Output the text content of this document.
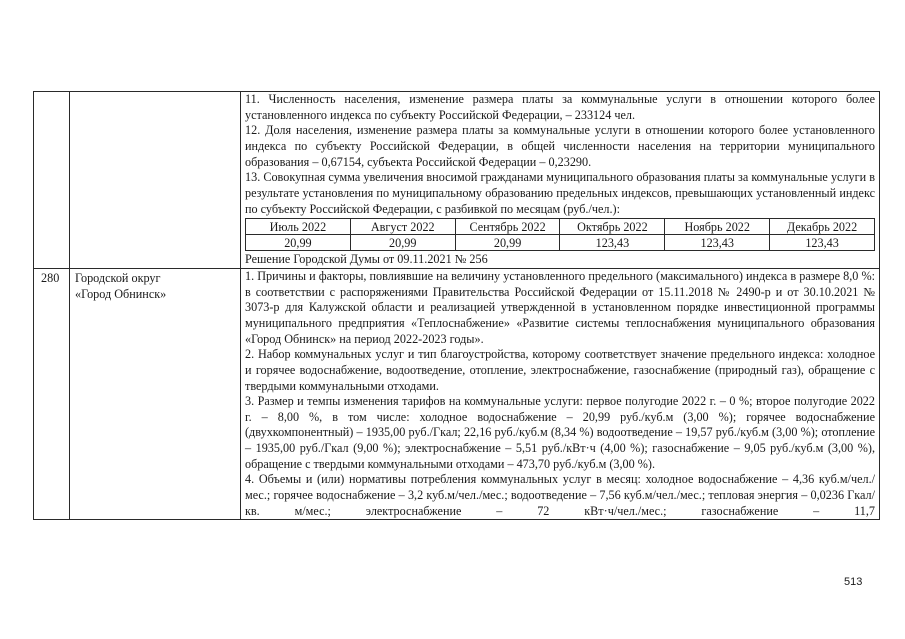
11. Численность населения, изменение размера платы за коммунальные услуги в отношении которого более установленного индекса по субъекту Российской Федерации, – 233124 чел.

12. Доля населения, изменение размера платы за коммунальные услуги в отношении которого более установленного индекса по субъекту Российской Федерации, в общей численности населения на территории муниципального образования – 0,67154, субъекта Российской Федерации – 0,23290.

13. Совокупная сумма увеличения вносимой гражданами муниципального образования платы за коммунальные услуги в результате установления по муниципальному образованию предельных индексов, превышающих установленный индекс по субъекту Российской Федерации, с разбивкой по месяцам (руб./чел.):

Июль 2022	Август 2022	Сентябрь 2022	Октябрь 2022	Ноябрь 2022	Декабрь 2022
20,99	20,99	20,99	123,43	123,43	123,43

Решение Городской Думы от 09.11.2021 № 256

280	Городской округ
«Город Обнинск»

1. Причины и факторы, повлиявшие на величину установленного предельного (максимального) индекса в размере 8,0 %: в соответствии с распоряжениями Правительства Российской Федерации от 15.11.2018 № 2490-р и от 30.10.2021 № 3073-р для Калужской области и реализацией утвержденной в установленном порядке инвестиционной программы муниципального предприятия «Теплоснабжение» «Развитие системы теплоснабжения муниципального образования «Город Обнинск» на период 2022-2023 годы».

2. Набор коммунальных услуг и тип благоустройства, которому соответствует значение предельного индекса: холодное и горячее водоснабжение, водоотведение, отопление, электроснабжение, газоснабжение (природный газ), обращение с твердыми коммунальными отходами.

3. Размер и темпы изменения тарифов на коммунальные услуги: первое полугодие 2022 г. – 0 %; второе полугодие 2022 г. – 8,00 %, в том числе: холодное водоснабжение – 20,99 руб./куб.м (3,00 %); горячее водоснабжение (двухкомпонентный) – 1935,00 руб./Гкал; 22,16 руб./куб.м (8,34 %) водоотведение – 19,57 руб./куб.м (3,00 %); отопление – 1935,00 руб./Гкал (9,00 %); электроснабжение – 5,51 руб./кВт·ч (4,00 %); газоснабжение – 9,05 руб./куб.м (3,00 %), обращение с твердыми коммунальными отходами – 473,70 руб./куб.м (3,00 %).

4. Объемы и (или) нормативы потребления коммунальных услуг в месяц: холодное водоснабжение – 4,36 куб.м/чел./мес.; горячее водоснабжение – 3,2 куб.м/чел./мес.; водоотведение – 7,56 куб.м/чел./мес.; тепловая энергия – 0,0236 Гкал/кв. м/мес.; электроснабжение – 72 кВт·ч/чел./мес.; газоснабжение – 11,7

513
